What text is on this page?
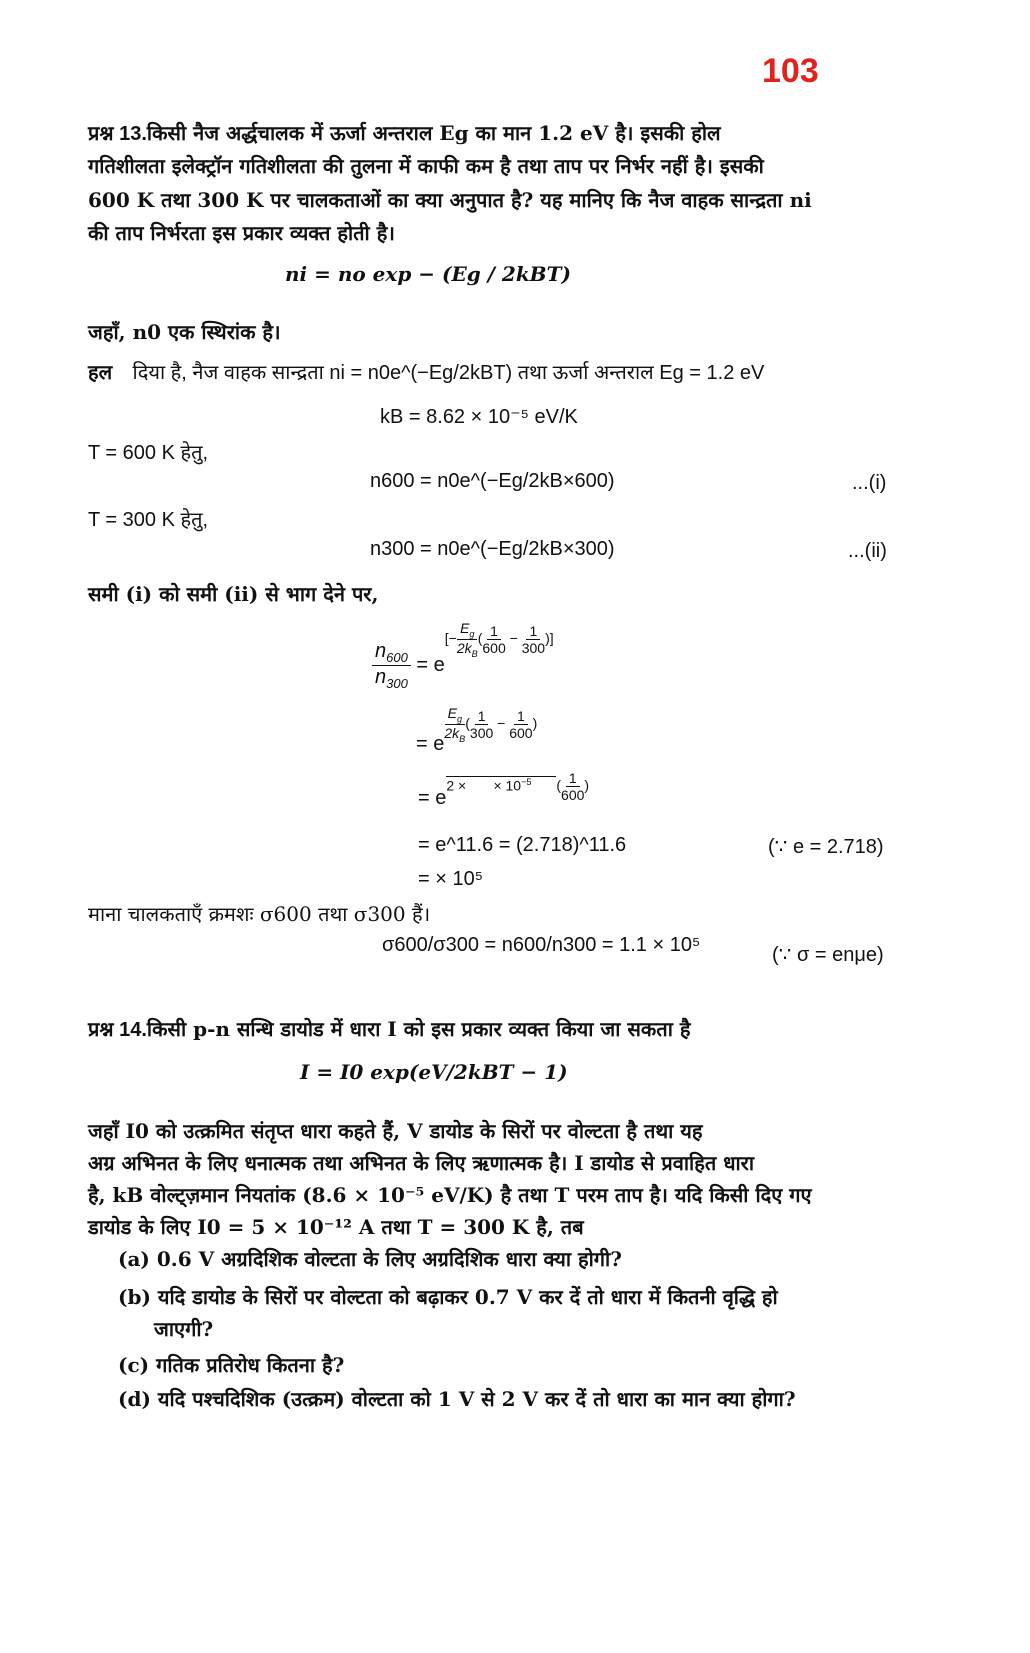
103
प्रश्न 13.किसी नैज अर्द्धचालक में ऊर्जा अन्तराल Eg का मान 1.2 eV है। इसकी होल
गतिशीलता इलेक्ट्रॉन गतिशीलता की तुलना में काफी कम है तथा ताप पर निर्भर नहीं है। इसकी
600 K तथा 300 K पर चालकताओं का क्या अनुपात है? यह मानिए कि नैज वाहक सान्द्रता ni
की ताप निर्भरता इस प्रकार व्यक्त होती है।
ni = no exp − (Eg / 2kBT)
जहाँ, n0 एक स्थिरांक है।
हल दिया है, नैज वाहक सान्द्रता ni = n0e^(−Eg/2kBT) तथा ऊर्जा अन्तराल Eg = 1.2 eV
kB = 8.62 × 10⁻⁵ eV/K
T = 600 K हेतु,
n600 = n0e^(−Eg/2kB×600)	...(i)
T = 300 K हेतु,
n300 = n0e^(−Eg/2kB×300)	...(ii)
समी (i) को समी (ii) से भाग देने पर,
$\frac{n_{600}}{n_{300}} = e[- Eg 2kB ( 1 600 - 1 300 )]$
= e
$^{\frac{E_g}{2k_B} ( \frac{1}{300} - \frac{1}{600} )}$
= $e^{2 \times \times 10^{-5} ( \frac{1}{600} )}$
= e^11.6 = (2.718)^11.6	(∵ e = 2.718)
= × 10⁵
माना चालकताएँ क्रमशः σ600 तथा σ300 हैं।
σ600/σ300 = n600/n300 = 1.1 × 10⁵	(∵ σ = enμe)
प्रश्न 14.किसी p-n सन्धि डायोड में धारा I को इस प्रकार व्यक्त किया जा सकता है
I = I0 exp(eV/2kBT − 1)
जहाँ I0 को उत्क्रमित संतृप्त धारा कहते हैं, V डायोड के सिरों पर वोल्टता है तथा यह
अग्र अभिनत के लिए धनात्मक तथा अभिनत के लिए ऋणात्मक है। I डायोड से प्रवाहित धारा
है, kB वोल्ट्ज़मान नियतांक (8.6 × 10⁻⁵ eV/K) है तथा T परम ताप है। यदि किसी दिए गए
डायोड के लिए I0 = 5 × 10⁻¹² A तथा T = 300 K है, तब
(a) 0.6 V अग्रदिशिक वोल्टता के लिए अग्रदिशिक धारा क्या होगी?
(b) यदि डायोड के सिरों पर वोल्टता को बढ़ाकर 0.7 V कर दें तो धारा में कितनी वृद्धि हो
जाएगी?
(c) गतिक प्रतिरोध कितना है?
(d) यदि पश्चदिशिक (उत्क्रम) वोल्टता को 1 V से 2 V कर दें तो धारा का मान क्या होगा?
